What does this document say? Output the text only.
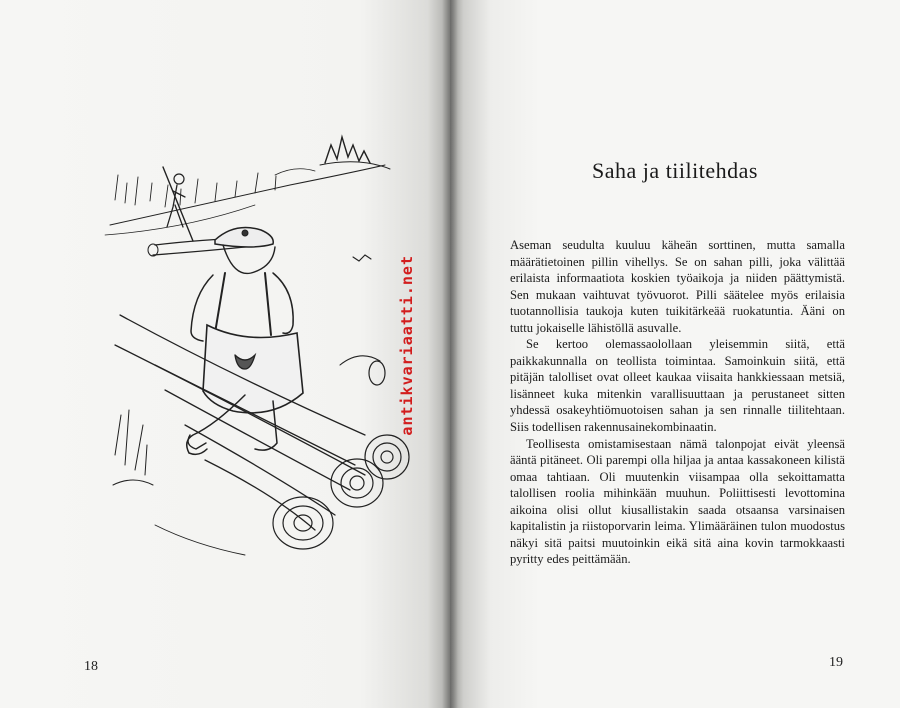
antikvariaatti.net
18
Saha ja tiilitehdas

Aseman seudulta kuuluu käheän sorttinen, mutta samalla määrätietoinen pillin vihellys. Se on sahan pilli, joka välittää erilaista informaatiota koskien työaikoja ja niiden päättymistä. Sen mukaan vaihtuvat työvuorot. Pilli säätelee myös erilaisia tuotannollisia taukoja kuten tuikitärkeää ruokatuntia. Ääni on tuttu jokaiselle lähistöllä asuvalle.

Se kertoo olemassaolollaan yleisemmin siitä, että paikkakunnalla on teollista toimintaa. Samoinkuin siitä, että pitäjän talolliset ovat olleet kaukaa viisaita hankkiessaan metsiä, lisänneet kuka mitenkin varallisuuttaan ja perustaneet sitten yhdessä osakeyhtiömuotoisen sahan ja sen rinnalle tiilitehtaan. Siis todellisen rakennusainekombinaatin.

Teollisesta omistamisestaan nämä talonpojat eivät yleensä ääntä pitäneet. Oli parempi olla hiljaa ja antaa kassakoneen kilistä omaa tahtiaan. Oli muutenkin viisampaa olla sekoittamatta talollisen roolia mihinkään muuhun. Poliittisesti levottomina aikoina olisi ollut kiusallistakin saada otsaansa varsinaisen kapitalistin ja riistoporvarin leima. Ylimääräinen tulon muodostus näkyi sitä paitsi muutoinkin eikä sitä aina kovin tarmokkaasti pyritty edes peittämään.

19
